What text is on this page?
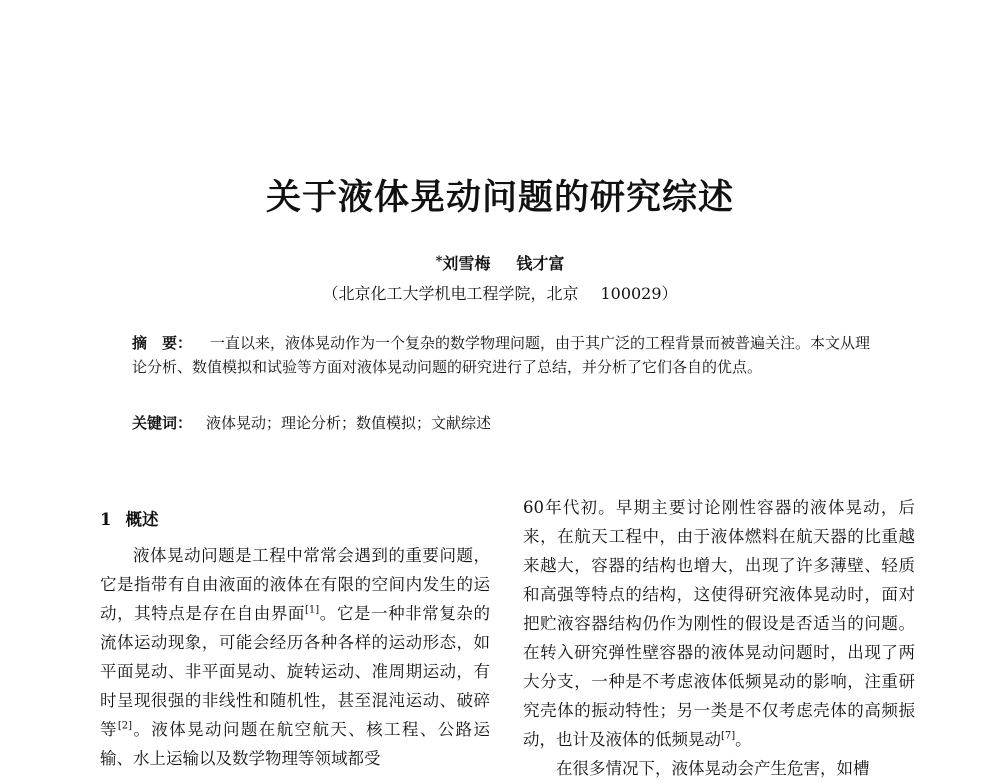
关于液体晃动问题的研究综述
*刘雪梅 钱才富
（北京化工大学机电工程学院，北京 100029）
摘　要： 一直以来，液体晃动作为一个复杂的数学物理问题，由于其广泛的工程背景而被普遍关注。本文从理论分析、数值模拟和试验等方面对液体晃动问题的研究进行了总结，并分析了它们各自的优点。
关键词： 液体晃动；理论分析；数值模拟；文献综述
1 概述

液体晃动问题是工程中常常会遇到的重要问题，它是指带有自由液面的液体在有限的空间内发生的运动，其特点是存在自由界面[1]。它是一种非常复杂的流体运动现象，可能会经历各种各样的运动形态，如平面晃动、非平面晃动、旋转运动、准周期运动，有时呈现很强的非线性和随机性，甚至混沌运动、破碎等[2]。液体晃动问题在航空航天、核工程、公路运输、水上运输以及数学物理等领域都受

60年代初。早期主要讨论刚性容器的液体晃动，后来，在航天工程中，由于液体燃料在航天器的比重越来越大，容器的结构也增大，出现了许多薄壁、轻质和高强等特点的结构，这使得研究液体晃动时，面对把贮液容器结构仍作为刚性的假设是否适当的问题。在转入研究弹性壁容器的液体晃动问题时，出现了两大分支，一种是不考虑液体低频晃动的影响，注重研究壳体的振动特性；另一类是不仅考虑壳体的高频振动，也计及液体的低频晃动[7]。

在很多情况下，液体晃动会产生危害，如槽
